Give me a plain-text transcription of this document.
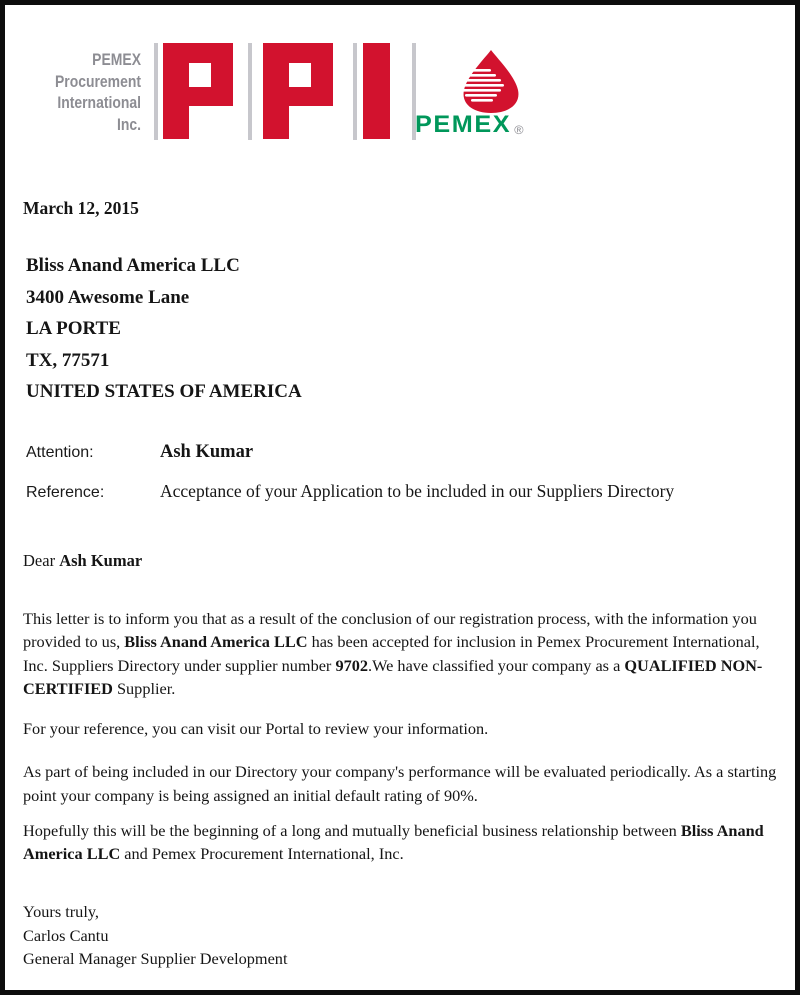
PEMEX
Procurement
International
Inc.	PEMEX ®
March 12, 2015
Bliss Anand America LLC
3400 Awesome Lane
LA PORTE
TX, 77571
UNITED STATES OF AMERICA
Attention:	Ash Kumar
Reference:	Acceptance of your Application to be included in our Suppliers Directory
Dear Ash Kumar

This letter is to inform you that as a result of the conclusion of our registration process, with the information you provided to us, Bliss Anand America LLC has been accepted for inclusion in Pemex Procurement International, Inc. Suppliers Directory under supplier number 9702.We have classified your company as a QUALIFIED NON-CERTIFIED Supplier.

For your reference, you can visit our Portal to review your information.

As part of being included in our Directory your company's performance will be evaluated periodically. As a starting point your company is being assigned an initial default rating of 90%.

Hopefully this will be the beginning of a long and mutually beneficial business relationship between Bliss Anand America LLC and Pemex Procurement International, Inc.

Yours truly,
Carlos Cantu
General Manager Supplier Development
